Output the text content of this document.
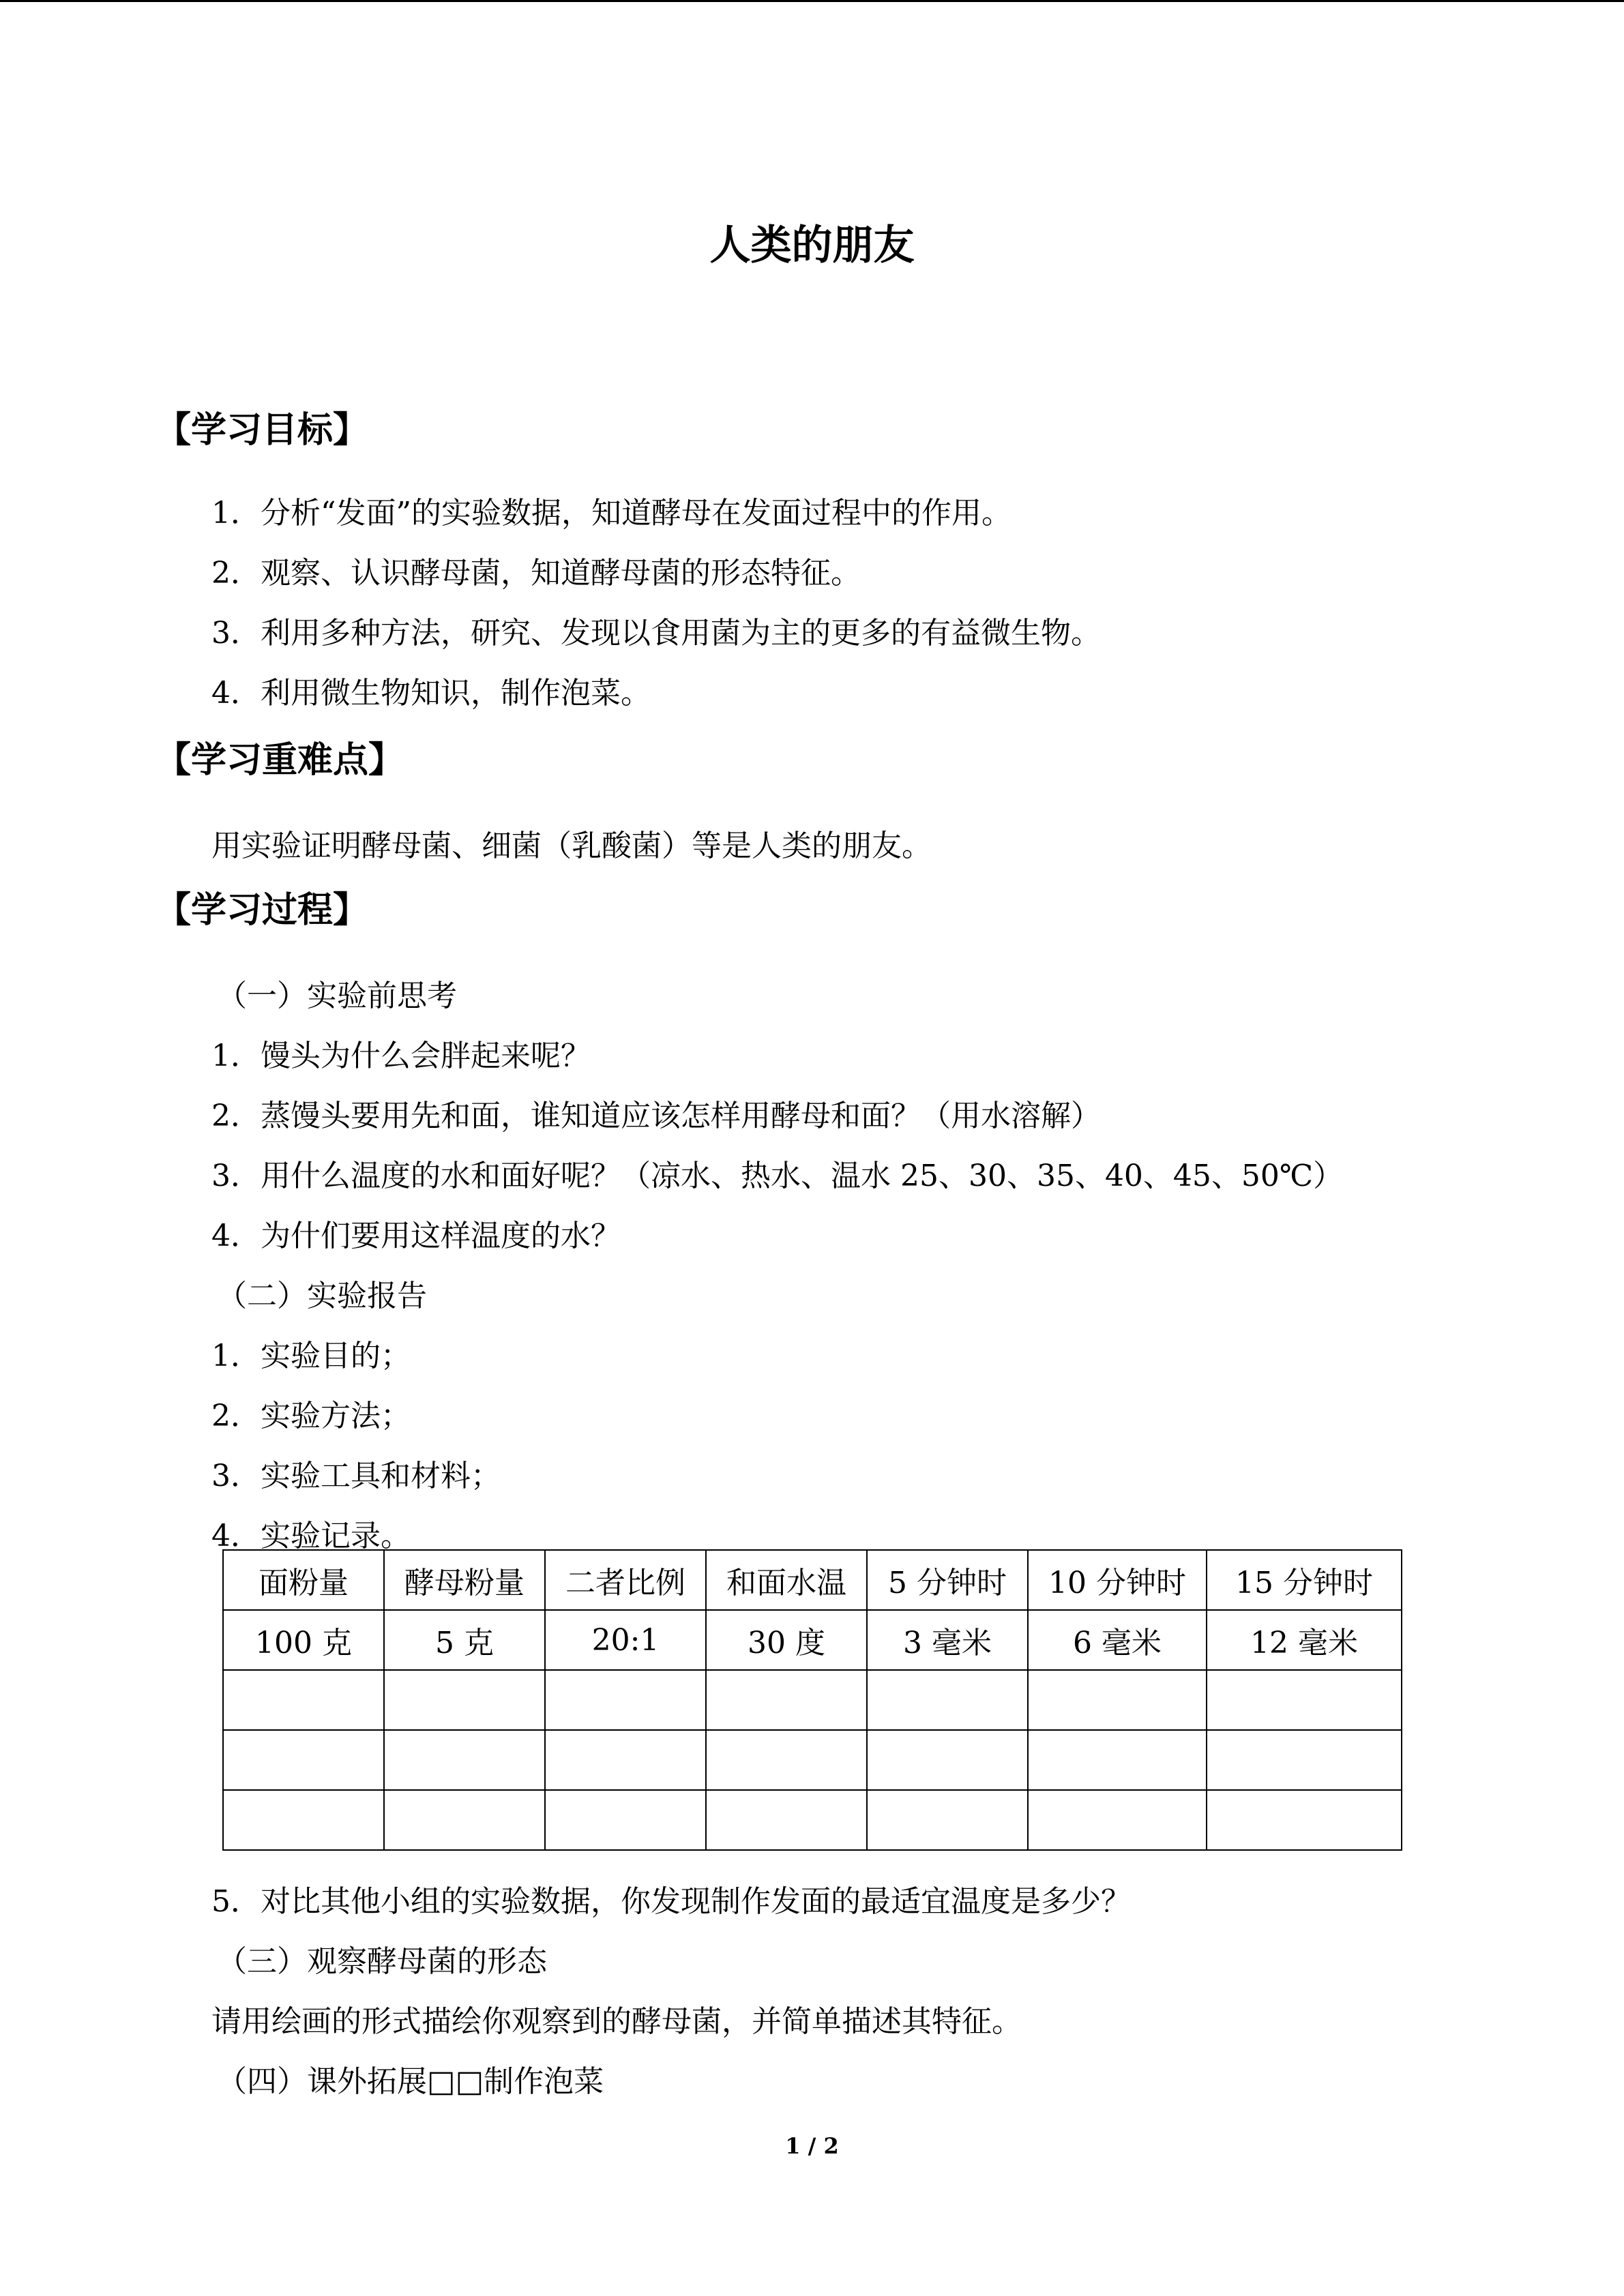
人类的朋友
【学习目标】
1．分析“发面”的实验数据，知道酵母在发面过程中的作用。
2．观察、认识酵母菌，知道酵母菌的形态特征。
3．利用多种方法，研究、发现以食用菌为主的更多的有益微生物。
4．利用微生物知识，制作泡菜。
【学习重难点】
用实验证明酵母菌、细菌（乳酸菌）等是人类的朋友。
【学习过程】
（一）实验前思考
1．馒头为什么会胖起来呢？
2．蒸馒头要用先和面，谁知道应该怎样用酵母和面？（用水溶解）
3．用什么温度的水和面好呢？（凉水、热水、温水 25、30、35、40、45、50℃）
4．为什们要用这样温度的水？
（二）实验报告
1．实验目的；
2．实验方法；
3．实验工具和材料；
4．实验记录。
面粉量	酵母粉量	二者比例	和面水温	5 分钟时	10 分钟时	15 分钟时
100 克	5 克	20:1	30 度	3 毫米	6 毫米	12 毫米

5．对比其他小组的实验数据，你发现制作发面的最适宜温度是多少？
（三）观察酵母菌的形态
请用绘画的形式描绘你观察到的酵母菌，并简单描述其特征。
（四）课外拓展□□制作泡菜
1 / 2
